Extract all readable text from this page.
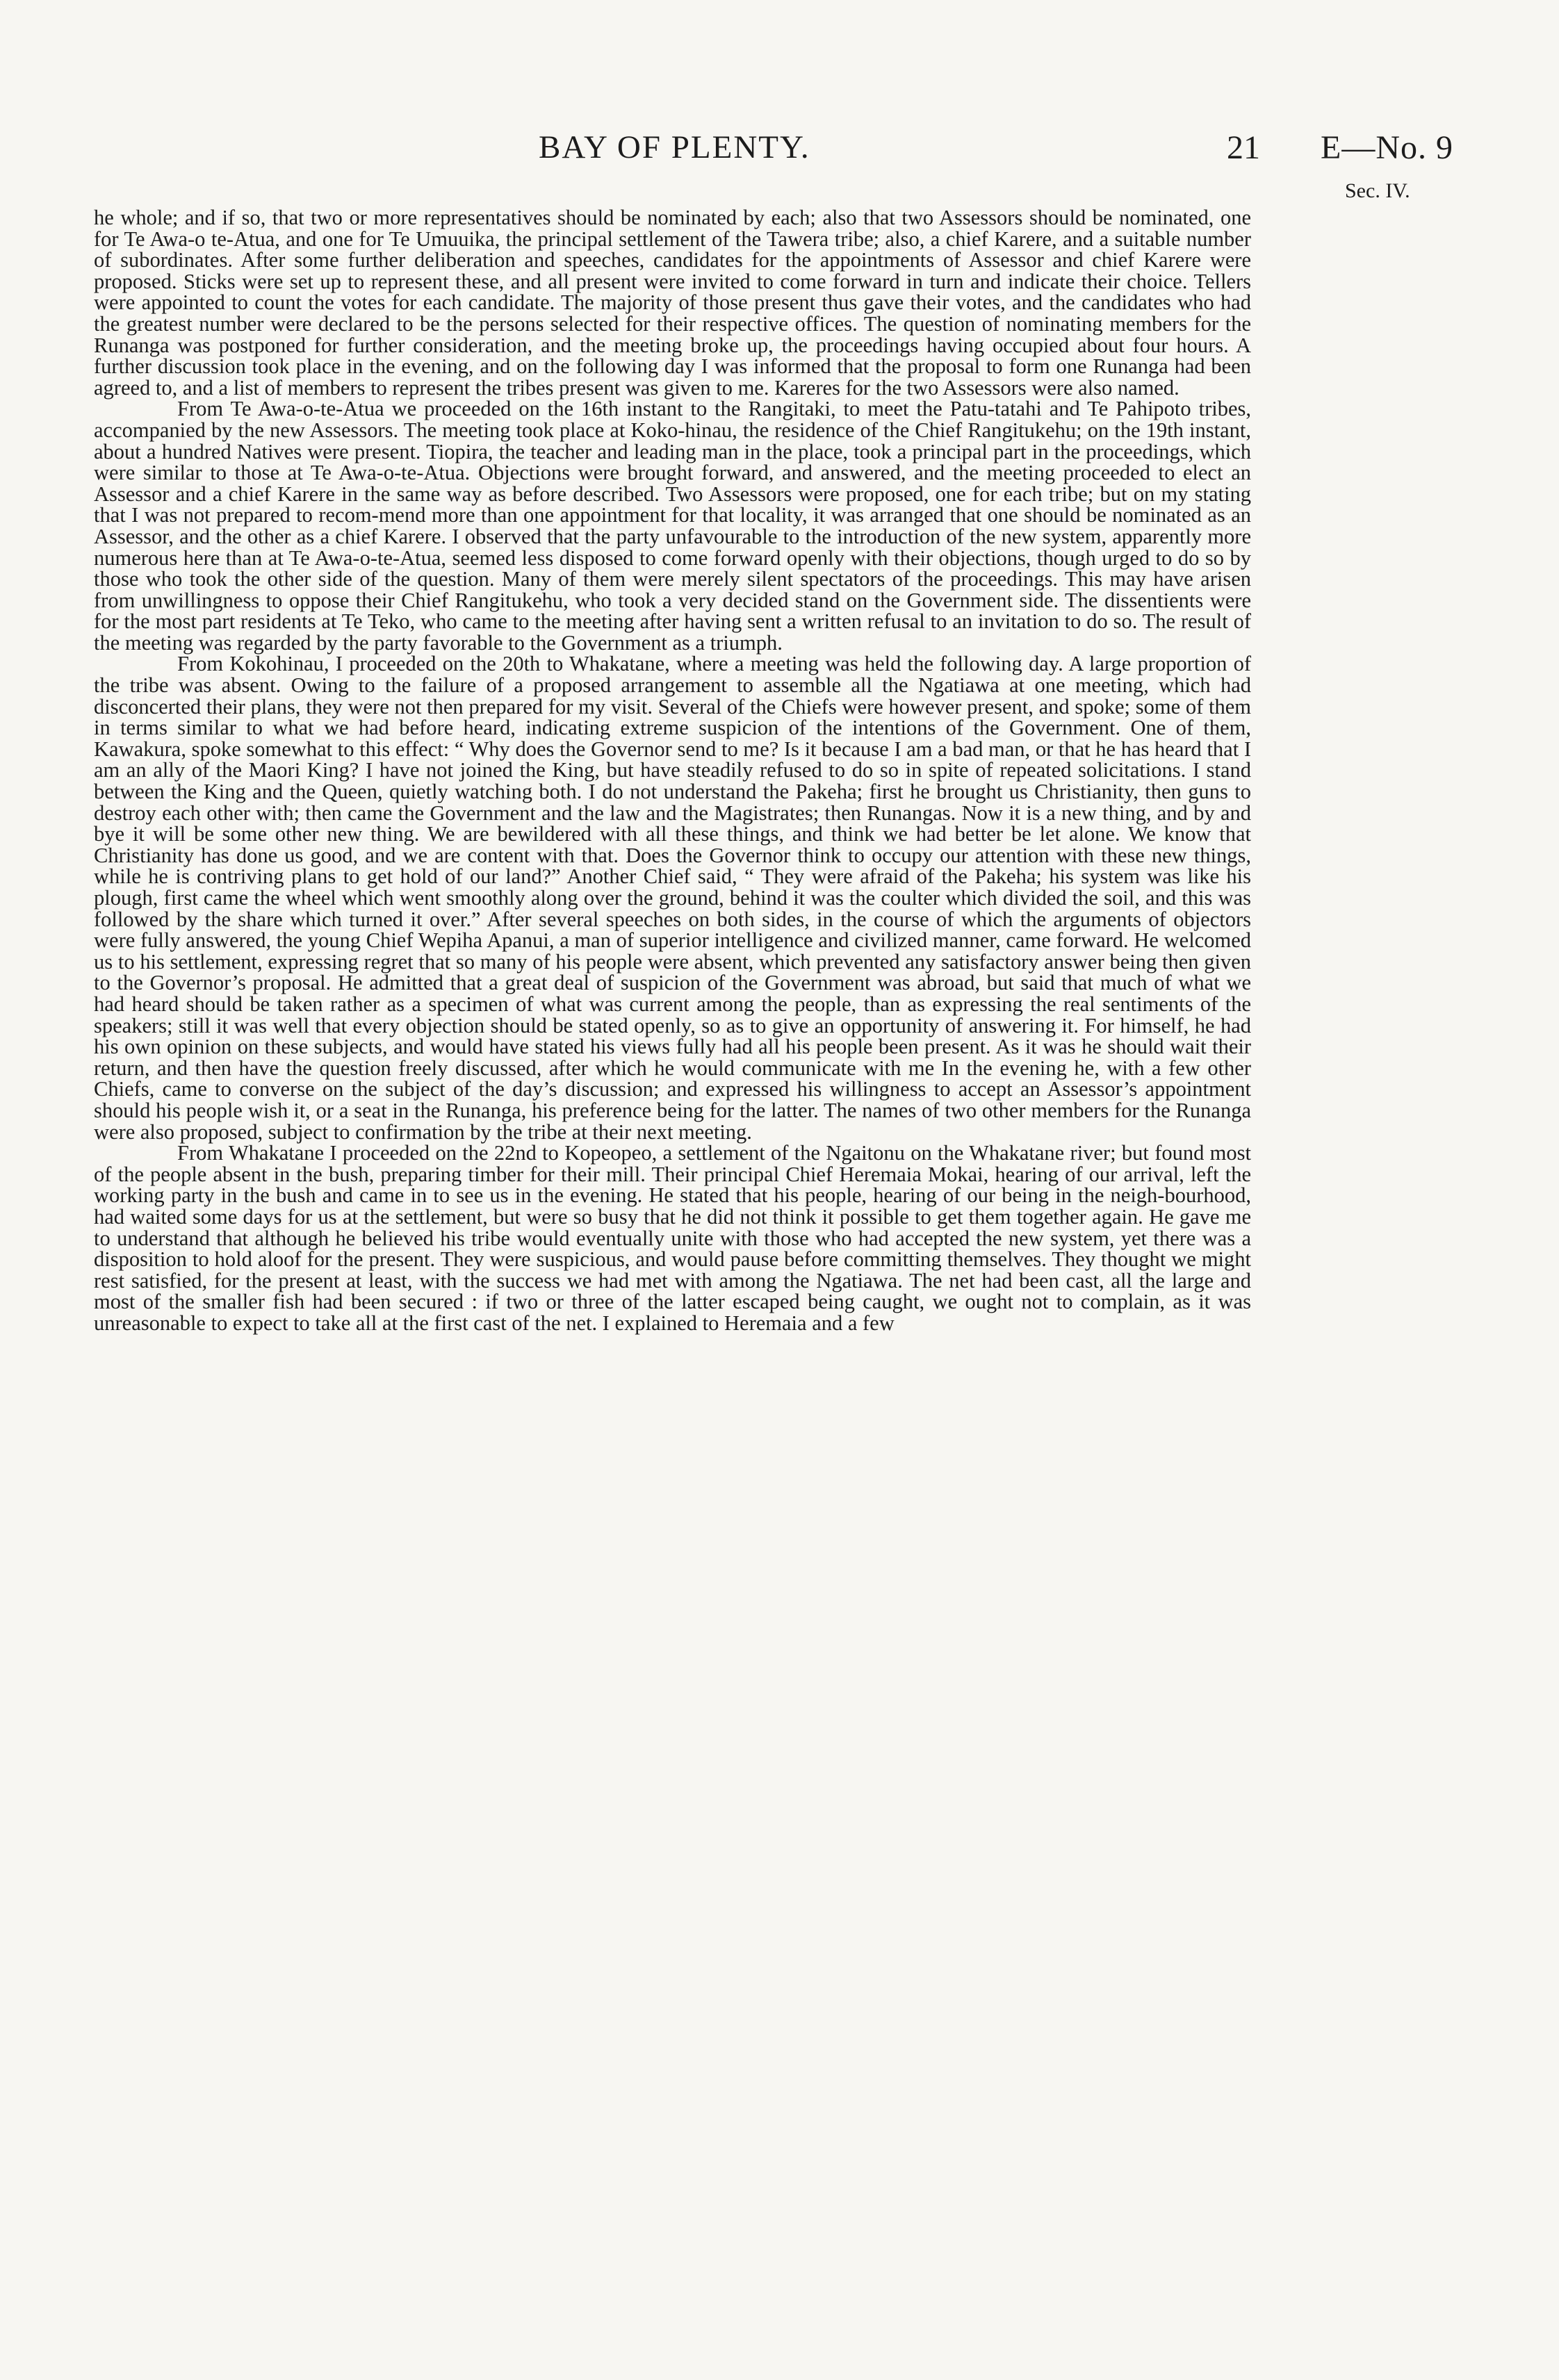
BAY OF PLENTY.	21 E—No. 9
Sec. IV.

he whole; and if so, that two or more representatives should be nominated by each; also that two Assessors should be nominated, one for Te Awa-o te-Atua, and one for Te Umuuika, the principal settlement of the Tawera tribe; also, a chief Karere, and a suitable number of subordinates. After some further deliberation and speeches, candidates for the appointments of Assessor and chief Karere were proposed. Sticks were set up to represent these, and all present were invited to come forward in turn and indicate their choice. Tellers were appointed to count the votes for each candidate. The majority of those present thus gave their votes, and the candidates who had the greatest number were declared to be the persons selected for their respective offices. The question of nominating members for the Runanga was postponed for further consideration, and the meeting broke up, the proceedings having occupied about four hours. A further discussion took place in the evening, and on the following day I was informed that the proposal to form one Runanga had been agreed to, and a list of members to represent the tribes present was given to me. Kareres for the two Assessors were also named.

From Te Awa-o-te-Atua we proceeded on the 16th instant to the Rangitaki, to meet the Patu-tatahi and Te Pahipoto tribes, accompanied by the new Assessors. The meeting took place at Koko-hinau, the residence of the Chief Rangitukehu; on the 19th instant, about a hundred Natives were present. Tiopira, the teacher and leading man in the place, took a principal part in the proceedings, which were similar to those at Te Awa-o-te-Atua. Objections were brought forward, and answered, and the meeting proceeded to elect an Assessor and a chief Karere in the same way as before described. Two Assessors were proposed, one for each tribe; but on my stating that I was not prepared to recom-mend more than one appointment for that locality, it was arranged that one should be nominated as an Assessor, and the other as a chief Karere. I observed that the party unfavourable to the introduction of the new system, apparently more numerous here than at Te Awa-o-te-Atua, seemed less disposed to come forward openly with their objections, though urged to do so by those who took the other side of the question. Many of them were merely silent spectators of the proceedings. This may have arisen from unwillingness to oppose their Chief Rangitukehu, who took a very decided stand on the Government side. The dissentients were for the most part residents at Te Teko, who came to the meeting after having sent a written refusal to an invitation to do so. The result of the meeting was regarded by the party favorable to the Government as a triumph.

From Kokohinau, I proceeded on the 20th to Whakatane, where a meeting was held the following day. A large proportion of the tribe was absent. Owing to the failure of a proposed arrangement to assemble all the Ngatiawa at one meeting, which had disconcerted their plans, they were not then prepared for my visit. Several of the Chiefs were however present, and spoke; some of them in terms similar to what we had before heard, indicating extreme suspicion of the intentions of the Government. One of them, Kawakura, spoke somewhat to this effect: “ Why does the Governor send to me? Is it because I am a bad man, or that he has heard that I am an ally of the Maori King? I have not joined the King, but have steadily refused to do so in spite of repeated solicitations. I stand between the King and the Queen, quietly watching both. I do not understand the Pakeha; first he brought us Christianity, then guns to destroy each other with; then came the Government and the law and the Magistrates; then Runangas. Now it is a new thing, and by and bye it will be some other new thing. We are bewildered with all these things, and think we had better be let alone. We know that Christianity has done us good, and we are content with that. Does the Governor think to occupy our attention with these new things, while he is contriving plans to get hold of our land?” Another Chief said, “ They were afraid of the Pakeha; his system was like his plough, first came the wheel which went smoothly along over the ground, behind it was the coulter which divided the soil, and this was followed by the share which turned it over.” After several speeches on both sides, in the course of which the arguments of objectors were fully answered, the young Chief Wepiha Apanui, a man of superior intelligence and civilized manner, came forward. He welcomed us to his settlement, expressing regret that so many of his people were absent, which prevented any satisfactory answer being then given to the Governor’s proposal. He admitted that a great deal of suspicion of the Government was abroad, but said that much of what we had heard should be taken rather as a specimen of what was current among the people, than as expressing the real sentiments of the speakers; still it was well that every objection should be stated openly, so as to give an opportunity of answering it. For himself, he had his own opinion on these subjects, and would have stated his views fully had all his people been present. As it was he should wait their return, and then have the question freely discussed, after which he would communicate with me In the evening he, with a few other Chiefs, came to converse on the subject of the day’s discussion; and expressed his willingness to accept an Assessor’s appointment should his people wish it, or a seat in the Runanga, his preference being for the latter. The names of two other members for the Runanga were also proposed, subject to confirmation by the tribe at their next meeting.

From Whakatane I proceeded on the 22nd to Kopeopeo, a settlement of the Ngaitonu on the Whakatane river; but found most of the people absent in the bush, preparing timber for their mill. Their principal Chief Heremaia Mokai, hearing of our arrival, left the working party in the bush and came in to see us in the evening. He stated that his people, hearing of our being in the neigh-bourhood, had waited some days for us at the settlement, but were so busy that he did not think it possible to get them together again. He gave me to understand that although he believed his tribe would eventually unite with those who had accepted the new system, yet there was a disposition to hold aloof for the present. They were suspicious, and would pause before committing themselves. They thought we might rest satisfied, for the present at least, with the success we had met with among the Ngatiawa. The net had been cast, all the large and most of the smaller fish had been secured : if two or three of the latter escaped being caught, we ought not to complain, as it was unreasonable to expect to take all at the first cast of the net. I explained to Heremaia and a few
